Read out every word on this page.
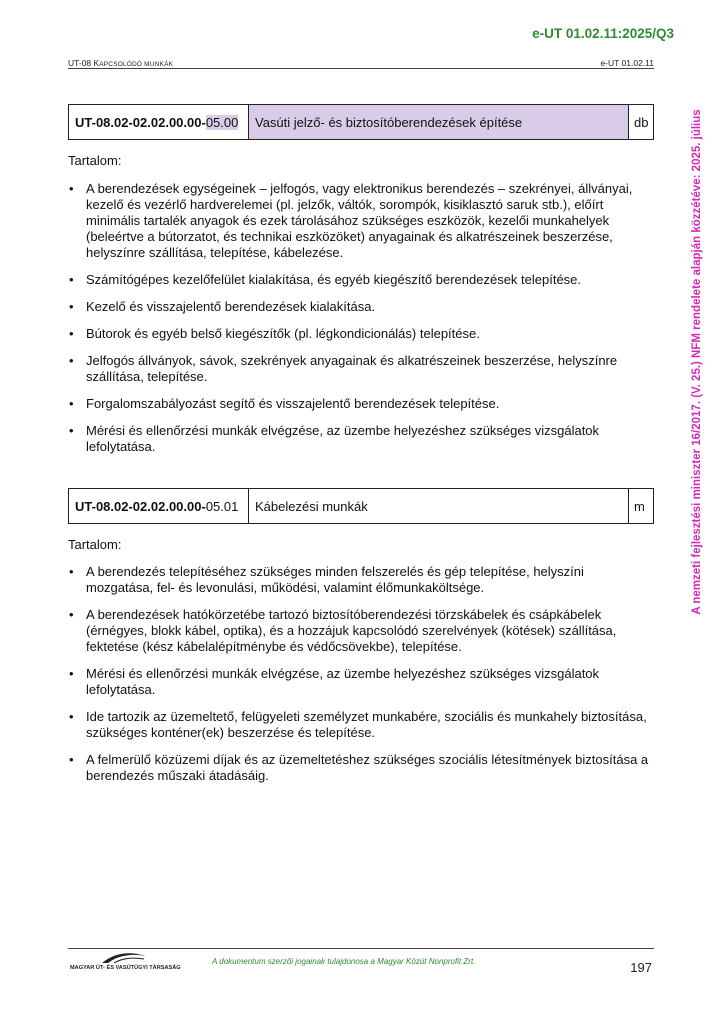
e-UT 01.02.11:2025/Q3
UT-08 KAPCSOLÓDÓ MUNKÁK	e-UT 01.02.11
UT-08.02-02.02.00.00- 05.00	Vasúti jelző- és biztosítóberendezések építése	db
Tartalom:
• A berendezések egységeinek – jelfogós, vagy elektronikus berendezés – szekrényei, állványai, kezelő és vezérlő hardverelemei (pl. jelzők, váltók, sorompók, kisiklasztó saruk stb.), előírt minimális tartalék anyagok és ezek tárolásához szükséges eszközök, kezelői munkahelyek (beleértve a bútorzatot, és technikai eszközöket) anyagainak és alkatrészeinek beszerzése, helyszínre szállítása, telepítése, kábelezése.
• Számítógépes kezelőfelület kialakítása, és egyéb kiegészítő berendezések telepítése.
• Kezelő és visszajelentő berendezések kialakítása.
• Bútorok és egyéb belső kiegészítők (pl. légkondicionálás) telepítése.
• Jelfogós állványok, sávok, szekrények anyagainak és alkatrészeinek beszerzése, helyszínre szállítása, telepítése.
• Forgalomszabályozást segítő és visszajelentő berendezések telepítése.
• Mérési és ellenőrzési munkák elvégzése, az üzembe helyezéshez szükséges vizsgálatok lefolytatása.
UT-08.02-02.02.00.00- 05.01	Kábelezési munkák	m
Tartalom:
• A berendezés telepítéséhez szükséges minden felszerelés és gép telepítése, helyszíni mozgatása, fel- és levonulási, működési, valamint élőmunkaköltsége.
• A berendezések hatókörzetébe tartozó biztosítóberendezési törzskábelek és csápkábelek (érnégyes, blokk kábel, optika), és a hozzájuk kapcsolódó szerelvények (kötések) szállítása, fektetése (kész kábelalépítménybe és védőcsövekbe), telepítése.
• Mérési és ellenőrzési munkák elvégzése, az üzembe helyezéshez szükséges vizsgálatok lefolytatása.
• Ide tartozik az üzemeltető, felügyeleti személyzet munkabére, szociális és munkahely biztosítása, szükséges konténer(ek) beszerzése és telepítése.
• A felmerülő közüzemi díjak és az üzemeltetéshez szükséges szociális létesítmények biztosítása a berendezés műszaki átadásáig.
A nemzeti fejlesztési miniszter 16/2017. (V. 25.) NFM rendelete alapján közzétéve: 2025. július
MAGYAR ÚT- ÉS VASÚTÜGYI TÁRSASÁG
A dokumentum szerzői jogainak tulajdonosa a Magyar Közút Nonprofit Zrt.	197
